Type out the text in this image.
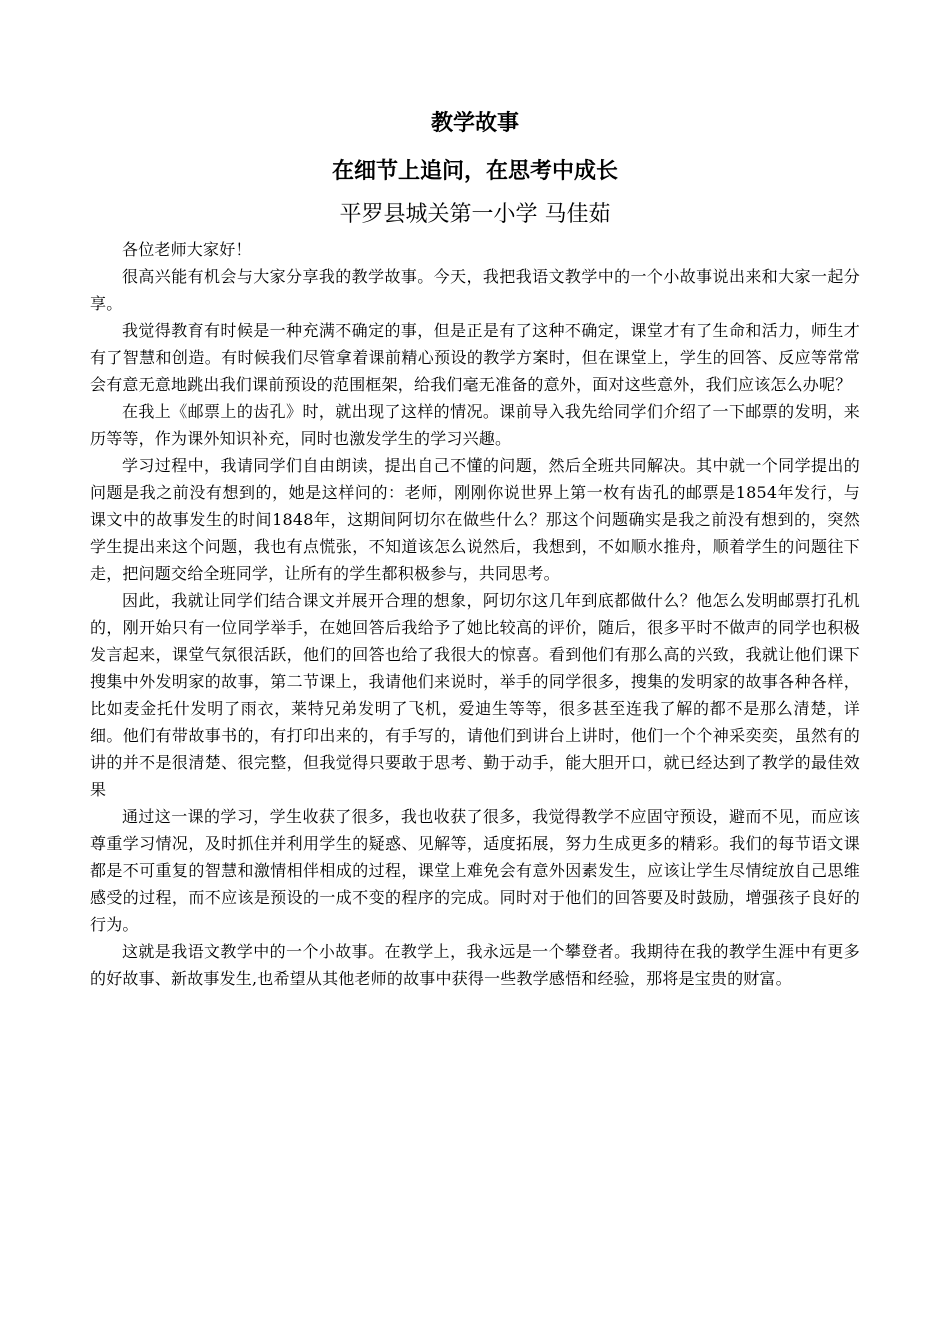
教学故事
在细节上追问，在思考中成长
平罗县城关第一小学 马佳茹

各位老师大家好！

很高兴能有机会与大家分享我的教学故事。今天，我把我语文教学中的一个小故事说出来和大家一起分享。

我觉得教育有时候是一种充满不确定的事，但是正是有了这种不确定，课堂才有了生命和活力，师生才有了智慧和创造。有时候我们尽管拿着课前精心预设的教学方案时，但在课堂上，学生的回答、反应等常常会有意无意地跳出我们课前预设的范围框架，给我们毫无准备的意外，面对这些意外，我们应该怎么办呢？

在我上《邮票上的齿孔》时，就出现了这样的情况。课前导入我先给同学们介绍了一下邮票的发明，来历等等，作为课外知识补充，同时也激发学生的学习兴趣。

学习过程中，我请同学们自由朗读，提出自己不懂的问题，然后全班共同解决。其中就一个同学提出的问题是我之前没有想到的，她是这样问的：老师，刚刚你说世界上第一枚有齿孔的邮票是1854年发行，与课文中的故事发生的时间1848年，这期间阿切尔在做些什么？那这个问题确实是我之前没有想到的，突然学生提出来这个问题，我也有点慌张，不知道该怎么说然后，我想到，不如顺水推舟，顺着学生的问题往下走，把问题交给全班同学，让所有的学生都积极参与，共同思考。

因此，我就让同学们结合课文并展开合理的想象，阿切尔这几年到底都做什么？他怎么发明邮票打孔机的，刚开始只有一位同学举手，在她回答后我给予了她比较高的评价，随后，很多平时不做声的同学也积极发言起来，课堂气氛很活跃，他们的回答也给了我很大的惊喜。看到他们有那么高的兴致，我就让他们课下搜集中外发明家的故事，第二节课上，我请他们来说时，举手的同学很多，搜集的发明家的故事各种各样，比如麦金托什发明了雨衣，莱特兄弟发明了飞机，爱迪生等等，很多甚至连我了解的都不是那么清楚，详细。他们有带故事书的，有打印出来的，有手写的，请他们到讲台上讲时，他们一个个神采奕奕，虽然有的讲的并不是很清楚、很完整，但我觉得只要敢于思考、勤于动手，能大胆开口，就已经达到了教学的最佳效果

通过这一课的学习，学生收获了很多，我也收获了很多，我觉得教学不应固守预设，避而不见，而应该尊重学习情况，及时抓住并利用学生的疑惑、见解等，适度拓展，努力生成更多的精彩。我们的每节语文课都是不可重复的智慧和激情相伴相成的过程，课堂上难免会有意外因素发生，应该让学生尽情绽放自己思维感受的过程，而不应该是预设的一成不变的程序的完成。同时对于他们的回答要及时鼓励，增强孩子良好的行为。

这就是我语文教学中的一个小故事。在教学上，我永远是一个攀登者。我期待在我的教学生涯中有更多的好故事、新故事发生,也希望从其他老师的故事中获得一些教学感悟和经验，那将是宝贵的财富。
